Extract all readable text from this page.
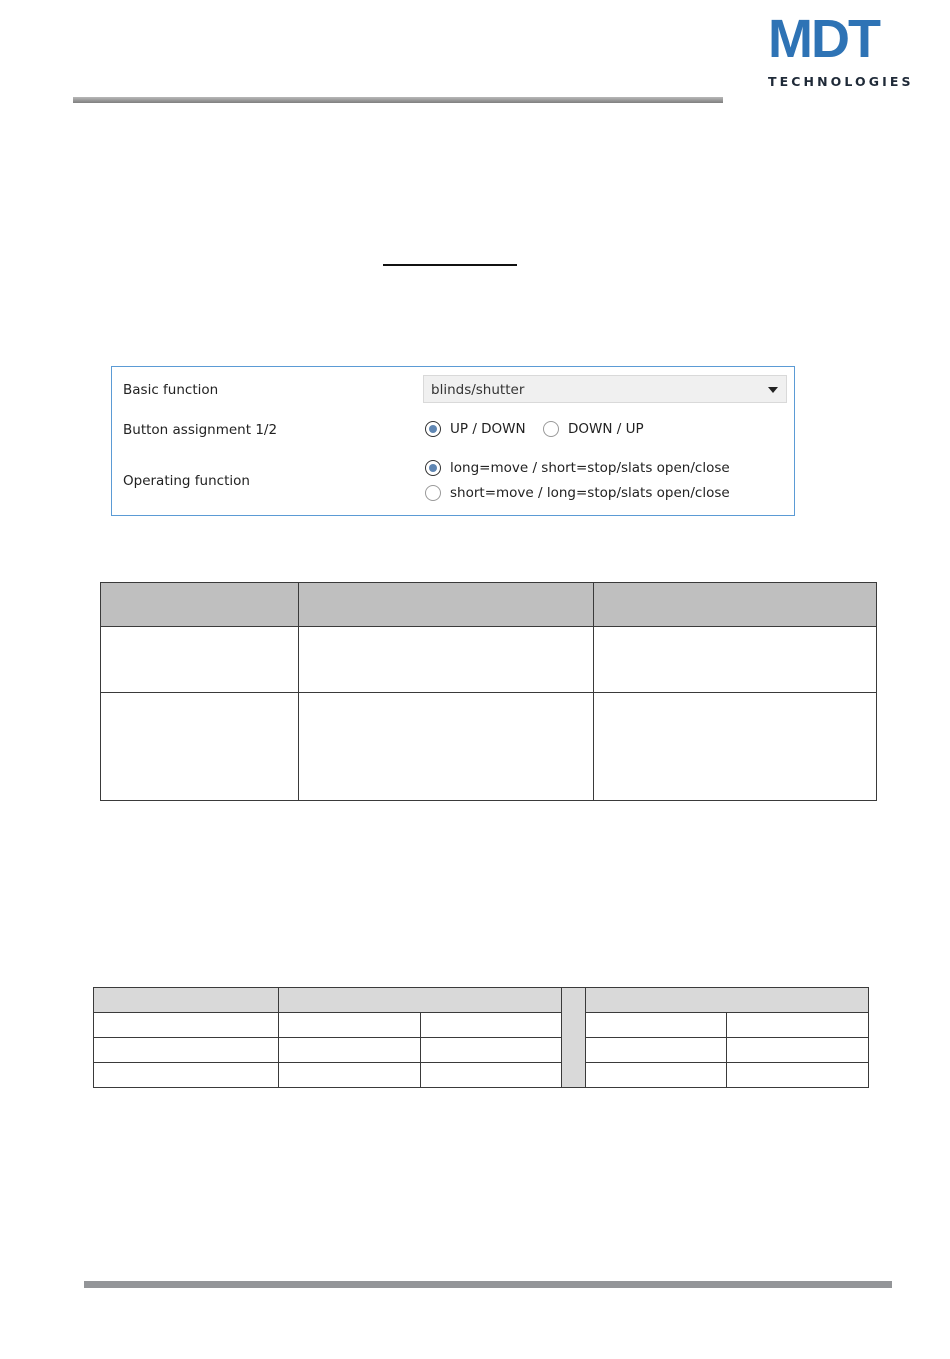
M D T
TECHNOLOGIES
Basic function	blinds/shutter
Button assignment 1/2	UP / DOWN	DOWN / UP
Operating function
long=move / short=stop/slats open/close
short=move / long=stop/slats open/close
